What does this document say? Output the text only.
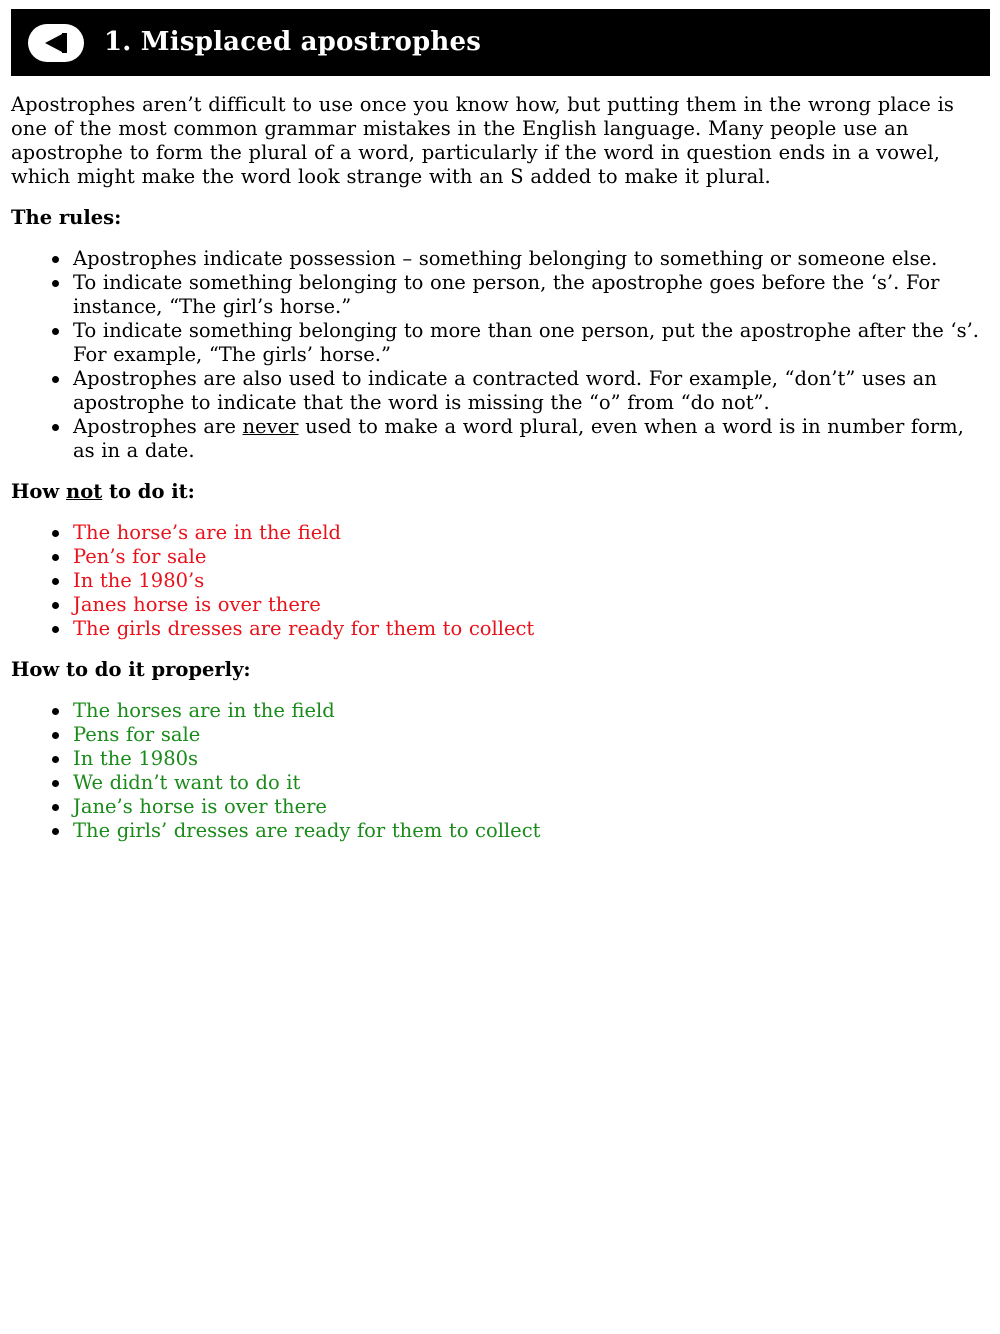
1. Misplaced apostrophes

Apostrophes aren’t difficult to use once you know how, but putting them in the wrong place is one of the most common grammar mistakes in the English language. Many people use an apostrophe to form the plural of a word, particularly if the word in question ends in a vowel, which might make the word look strange with an S added to make it plural.

The rules:
Apostrophes indicate possession – something belonging to something or someone else.
To indicate something belonging to one person, the apostrophe goes before the ‘s’. For instance, “The girl’s horse.”
To indicate something belonging to more than one person, put the apostrophe after the ‘s’. For example, “The girls’ horse.”
Apostrophes are also used to indicate a contracted word. For example, “don’t” uses an apostrophe to indicate that the word is missing the “o” from “do not”.
Apostrophes are never used to make a word plural, even when a word is in number form, as in a date.
How not to do it:
The horse’s are in the field
Pen’s for sale
In the 1980’s
Janes horse is over there
The girls dresses are ready for them to collect
How to do it properly:
The horses are in the field
Pens for sale
In the 1980s
We didn’t want to do it
Jane’s horse is over there
The girls’ dresses are ready for them to collect
